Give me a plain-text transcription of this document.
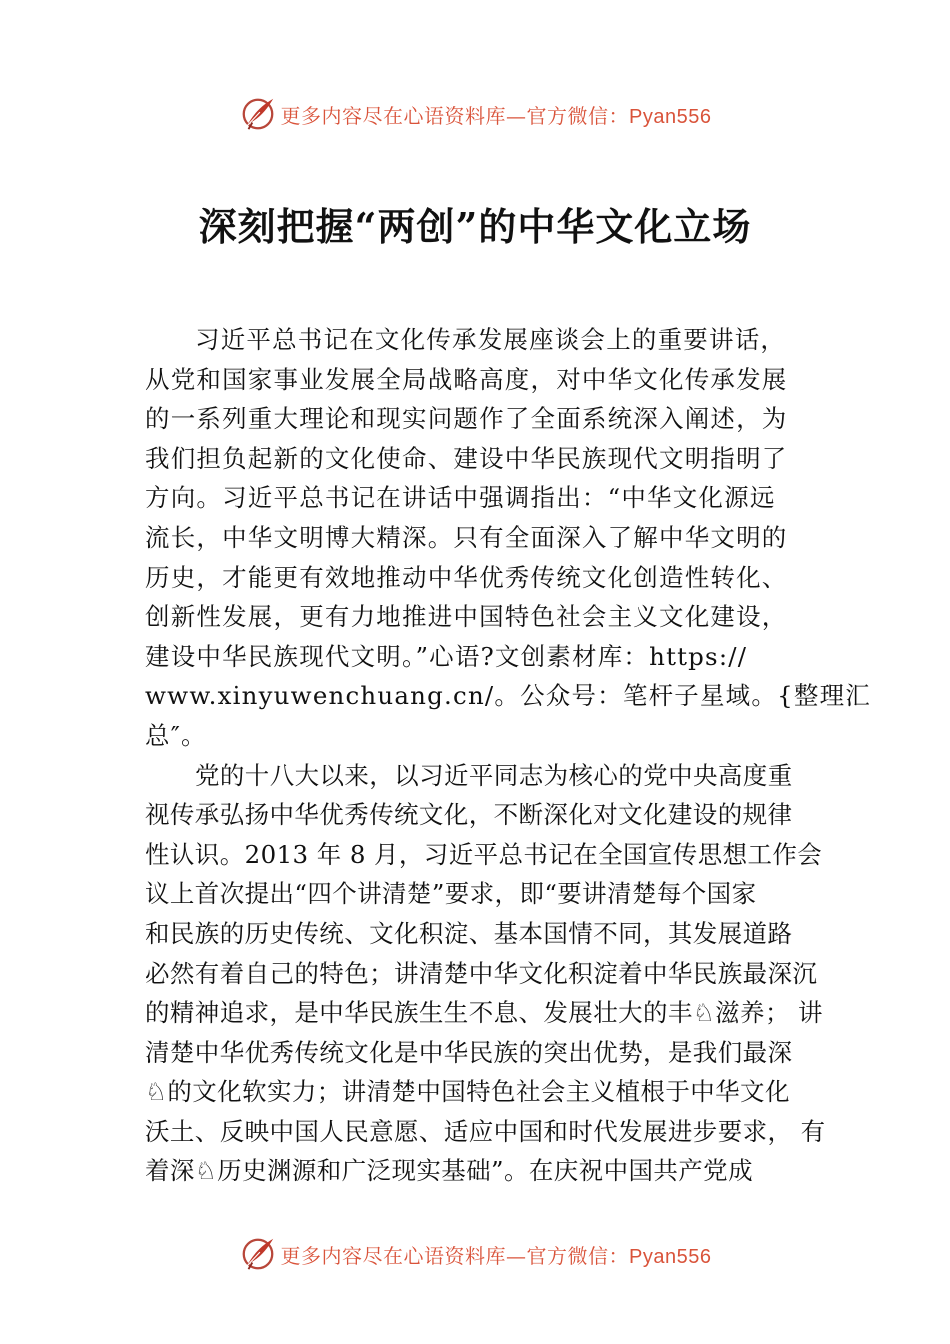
更多内容尽在心语资料库—官方微信：Pyan556
深刻把握“两创”的中华文化立场
习近平总书记在文化传承发展座谈会上的重要讲话，
从党和国家事业发展全局战略高度，对中华文化传承发展
的一系列重大理论和现实问题作了全面系统深入阐述，为
我们担负起新的文化使命、建设中华民族现代文明指明了
方向。习近平总书记在讲话中强调指出：“中华文化源远
流长，中华文明博大精深。只有全面深入了解中华文明的
历史，才能更有效地推动中华优秀传统文化创造性转化、
创新性发展，更有力地推进中国特色社会主义文化建设，
建设中华民族现代文明。”心语?文创素材库：https://
www.xinyuwenchuang.cn/。公众号：笔杆子星域。{整理汇
总″。
党的十八大以来，以习近平同志为核心的党中央高度重
视传承弘扬中华优秀传统文化，不断深化对文化建设的规律
性认识。2013 年 8 月，习近平总书记在全国宣传思想工作会
议上首次提出“四个讲清楚”要求，即“要讲清楚每个国家
和民族的历史传统、文化积淀、基本国情不同，其发展道路
必然有着自己的特色；讲清楚中华文化积淀着中华民族最深沉
的精神追求，是中华民族生生不息、发展壮大的丰♘滋养； 讲
清楚中华优秀传统文化是中华民族的突出优势，是我们最深
♘的文化软实力；讲清楚中国特色社会主义植根于中华文化
沃土、反映中国人民意愿、适应中国和时代发展进步要求， 有
着深♘历史渊源和广泛现实基础”。在庆祝中国共产党成
更多内容尽在心语资料库—官方微信：Pyan556
